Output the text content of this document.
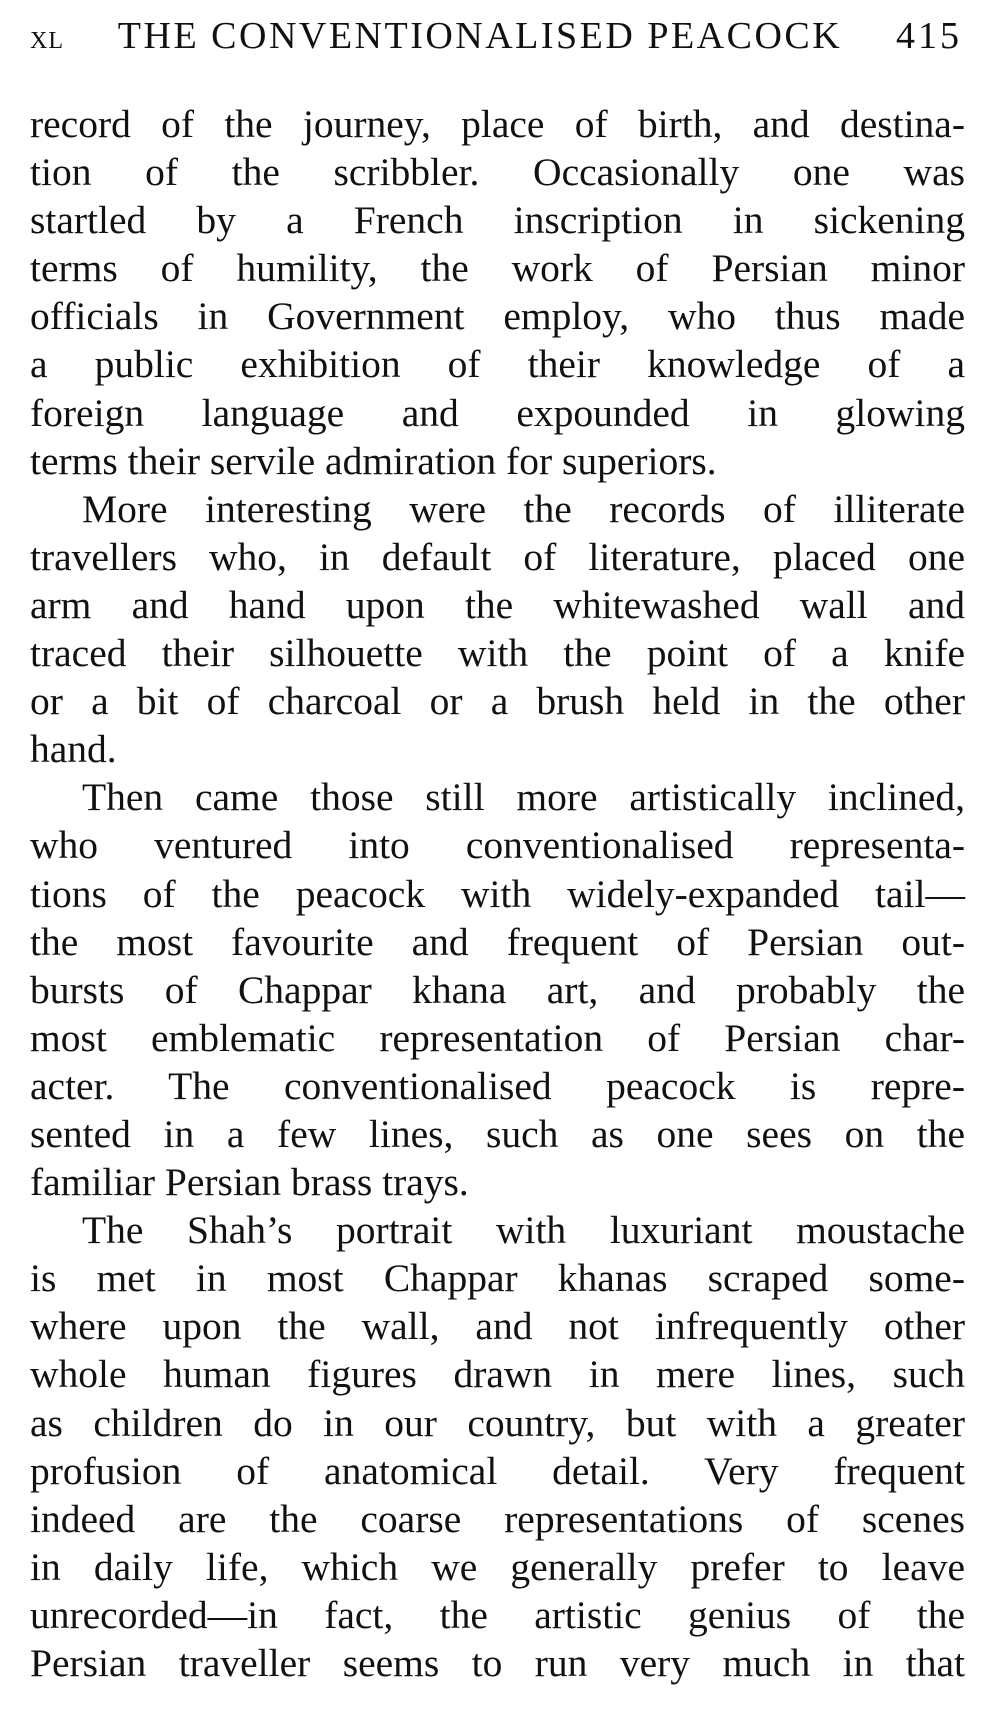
xl	THE CONVENTIONALISED PEACOCK	415
record of the journey, place of birth, and destina-
tion of the scribbler. Occasionally one was
startled by a French inscription in sickening
terms of humility, the work of Persian minor
officials in Government employ, who thus made
a public exhibition of their knowledge of a
foreign language and expounded in glowing
terms their servile admiration for superiors.
More interesting were the records of illiterate
travellers who, in default of literature, placed one
arm and hand upon the whitewashed wall and
traced their silhouette with the point of a knife
or a bit of charcoal or a brush held in the other
hand.
Then came those still more artistically inclined,
who ventured into conventionalised representa-
tions of the peacock with widely-expanded tail—
the most favourite and frequent of Persian out-
bursts of Chappar khana art, and probably the
most emblematic representation of Persian char-
acter. The conventionalised peacock is repre-
sented in a few lines, such as one sees on the
familiar Persian brass trays.
The Shah’s portrait with luxuriant moustache
is met in most Chappar khanas scraped some-
where upon the wall, and not infrequently other
whole human figures drawn in mere lines, such
as children do in our country, but with a greater
profusion of anatomical detail. Very frequent
indeed are the coarse representations of scenes
in daily life, which we generally prefer to leave
unrecorded—in fact, the artistic genius of the
Persian traveller seems to run very much in that
